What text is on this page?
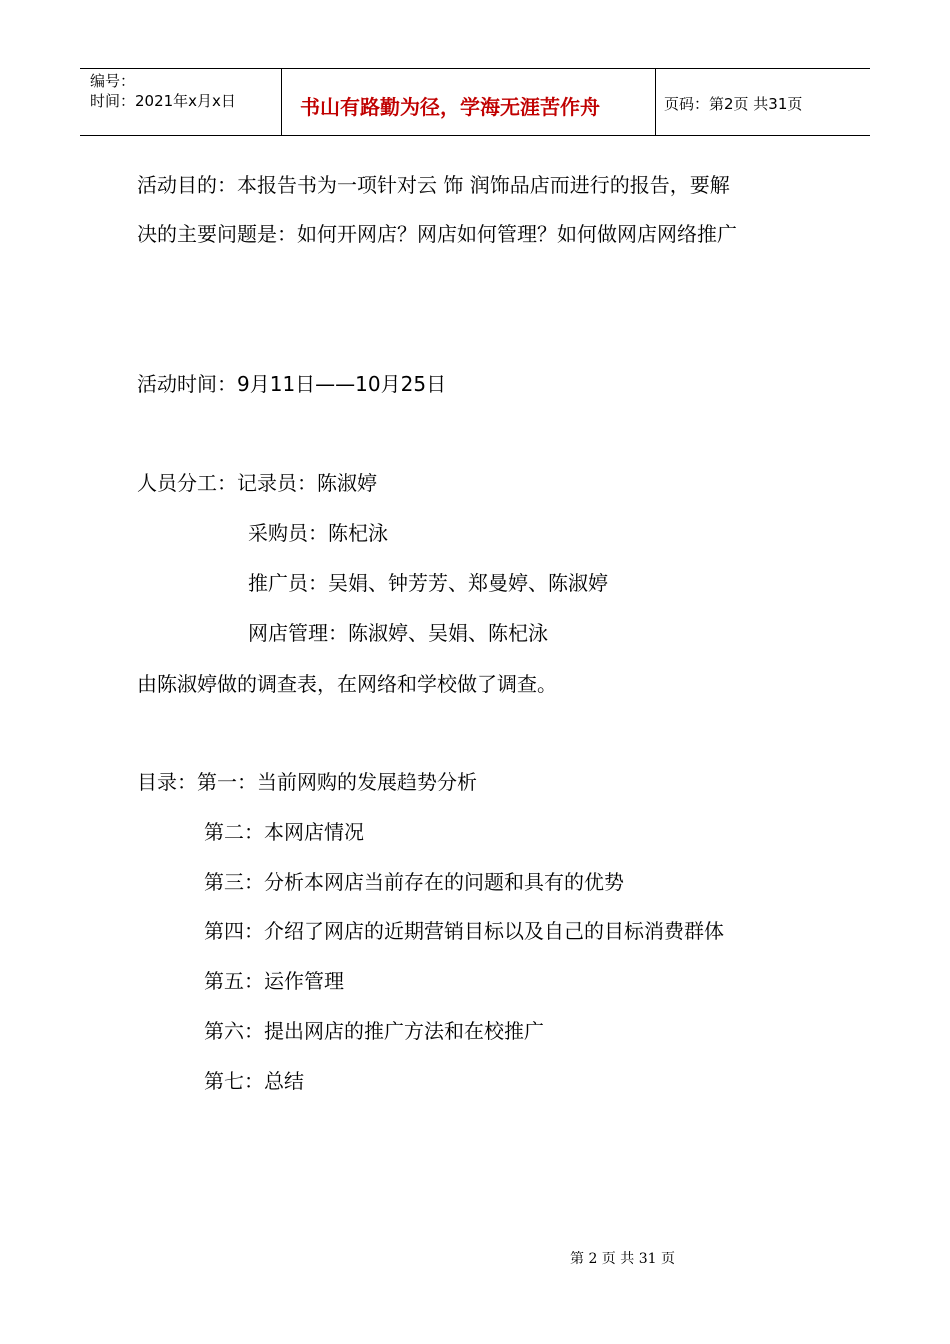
编号：
时间：2021年x月x日	书山有路勤为径，学海无涯苦作舟	页码：第2页 共31页
活动目的：本报告书为一项针对云 饰 润饰品店而进行的报告，要解
决的主要问题是：如何开网店？网店如何管理？如何做网店网络推广
活动时间：9月11日——10月25日
人员分工：记录员：陈淑婷
采购员：陈杞泳
推广员：吴娟、钟芳芳、郑曼婷、陈淑婷
网店管理：陈淑婷、吴娟、陈杞泳
由陈淑婷做的调查表，在网络和学校做了调查。
目录：第一：当前网购的发展趋势分析
第二：本网店情况
第三：分析本网店当前存在的问题和具有的优势
第四：介绍了网店的近期营销目标以及自己的目标消费群体
第五：运作管理
第六：提出网店的推广方法和在校推广
第七：总结
第 2 页 共 31 页
